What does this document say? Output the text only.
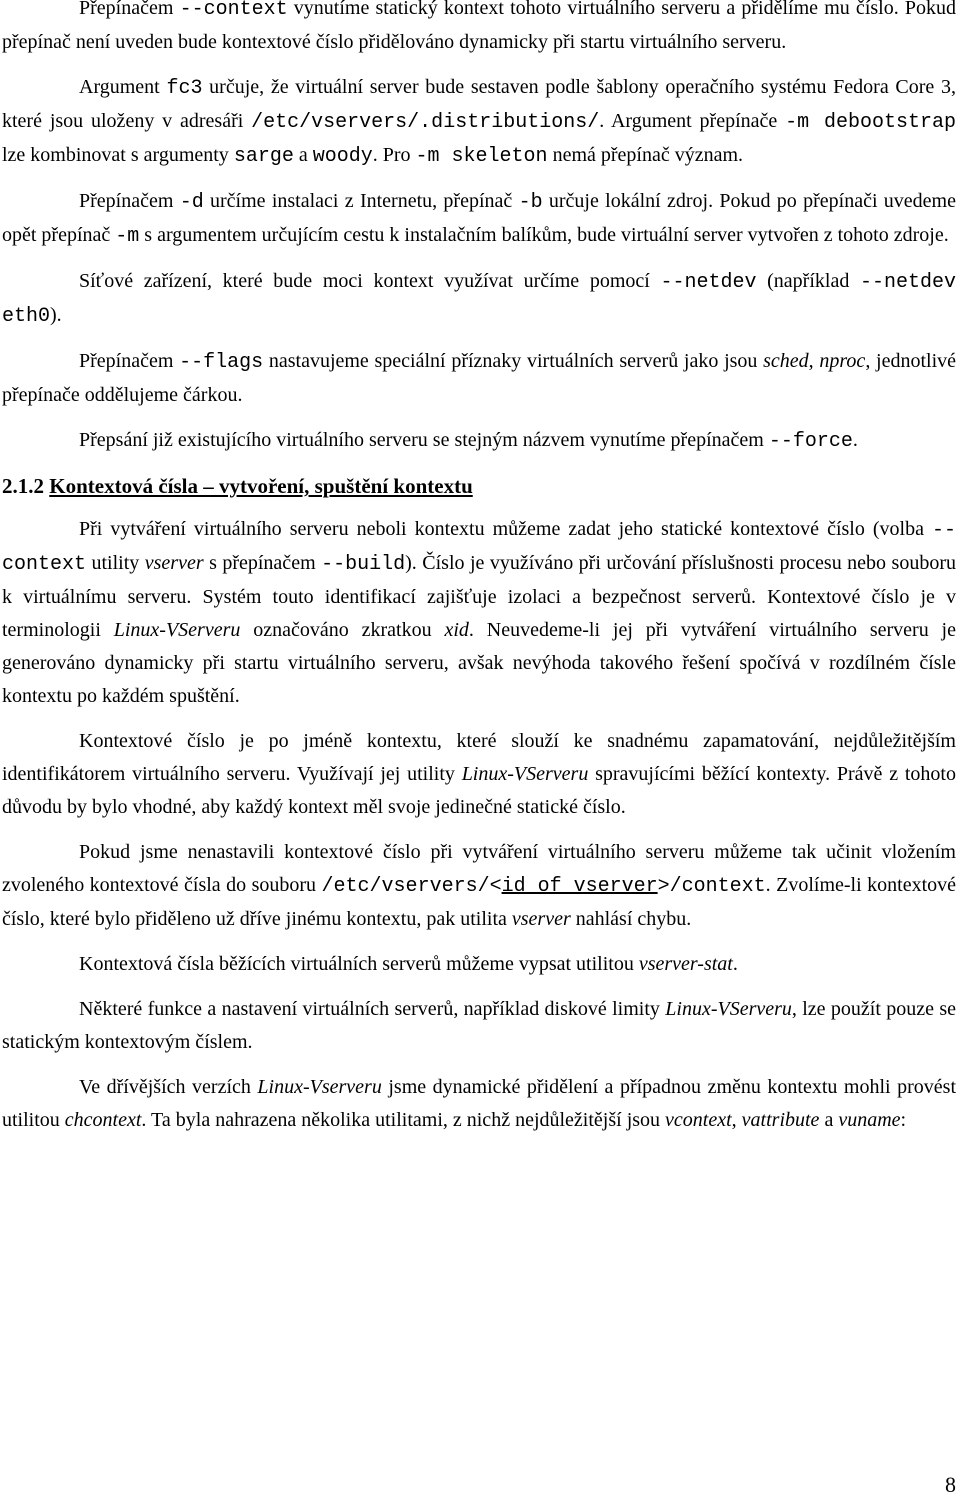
Přepínačem --context vynutíme statický kontext tohoto virtuálního serveru a přidělíme mu číslo. Pokud přepínač není uveden bude kontextové číslo přidělováno dynamicky při startu virtuálního serveru.

Argument fc3 určuje, že virtuální server bude sestaven podle šablony operačního systému Fedora Core 3, které jsou uloženy v adresáři /etc/vservers/.distributions/. Argument přepínače -m debootstrap lze kombinovat s argumenty sarge a woody. Pro -m skeleton nemá přepínač význam.

Přepínačem -d určíme instalaci z Internetu, přepínač -b určuje lokální zdroj. Pokud po přepínači uvedeme opět přepínač -m s argumentem určujícím cestu k instalačním balíkům, bude virtuální server vytvořen z tohoto zdroje.

Síťové zařízení, které bude moci kontext využívat určíme pomocí --netdev (například --netdev eth0).

Přepínačem --flags nastavujeme speciální příznaky virtuálních serverů jako jsou sched, nproc, jednotlivé přepínače oddělujeme čárkou.

Přepsání již existujícího virtuálního serveru se stejným názvem vynutíme přepínačem --force.

2.1.2 Kontextová čísla – vytvoření, spuštění kontextu

Při vytváření virtuálního serveru neboli kontextu můžeme zadat jeho statické kontextové číslo (volba --context utility vserver s přepínačem --build). Číslo je využíváno při určování příslušnosti procesu nebo souboru k virtuálnímu serveru. Systém touto identifikací zajišťuje izolaci a bezpečnost serverů. Kontextové číslo je v terminologii Linux-VServeru označováno zkratkou xid. Neuvedeme-li jej při vytváření virtuálního serveru je generováno dynamicky při startu virtuálního serveru, avšak nevýhoda takového řešení spočívá v rozdílném čísle kontextu po každém spuštění.

Kontextové číslo je po jméně kontextu, které slouží ke snadnému zapamatování, nejdůležitějším identifikátorem virtuálního serveru. Využívají jej utility Linux-VServeru spravujícími běžící kontexty. Právě z tohoto důvodu by bylo vhodné, aby každý kontext měl svoje jedinečné statické číslo.

Pokud jsme nenastavili kontextové číslo při vytváření virtuálního serveru můžeme tak učinit vložením zvoleného kontextové čísla do souboru /etc/vservers/<id_of_vserver>/context. Zvolíme-li kontextové číslo, které bylo přiděleno už dříve jinému kontextu, pak utilita vserver nahlásí chybu.

Kontextová čísla běžících virtuálních serverů můžeme vypsat utilitou vserver-stat.

Některé funkce a nastavení virtuálních serverů, například diskové limity Linux-VServeru, lze použít pouze se statickým kontextovým číslem.

Ve dřívějších verzích Linux-Vserveru jsme dynamické přidělení a případnou změnu kontextu mohli provést utilitou chcontext. Ta byla nahrazena několika utilitami, z nichž nejdůležitější jsou vcontext, vattribute a vuname:

8
